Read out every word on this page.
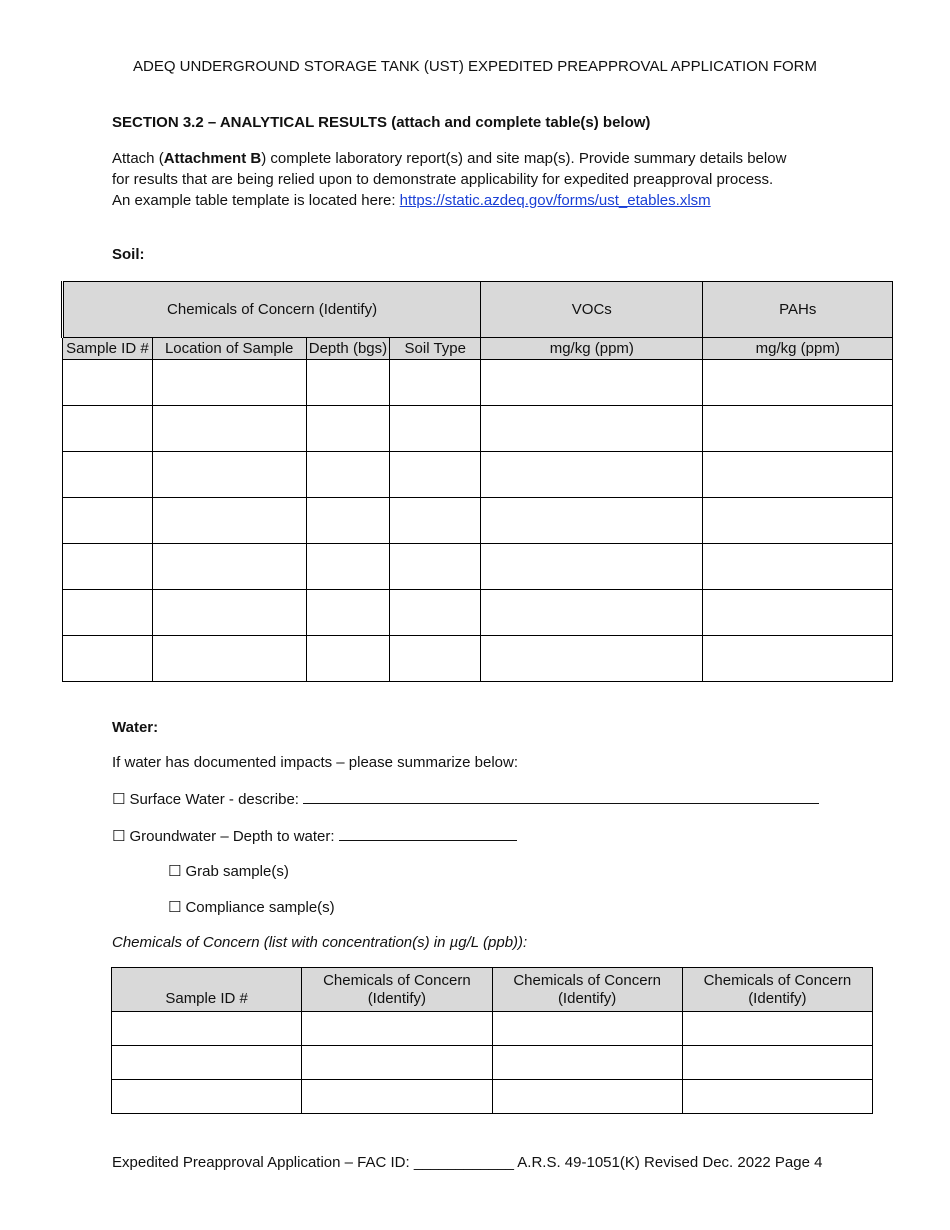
ADEQ UNDERGROUND STORAGE TANK (UST) EXPEDITED PREAPPROVAL APPLICATION FORM
SECTION 3.2 – ANALYTICAL RESULTS (attach and complete table(s) below)
Attach (Attachment B) complete laboratory report(s) and site map(s). Provide summary details below
for results that are being relied upon to demonstrate applicability for expedited preapproval process.
An example table template is located here: https://static.azdeq.gov/forms/ust_etables.xlsm
Soil:
Chemicals of Concern (Identify)				VOCs	PAHs
Sample ID #	Location of Sample	Depth (bgs)	Soil Type	mg/kg (ppm)	mg/kg (ppm)

Water:
If water has documented impacts – please summarize below:
☐ Surface Water - describe:
☐ Groundwater – Depth to water:
☐ Grab sample(s)
☐ Compliance sample(s)
Chemicals of Concern (list with concentration(s) in µg/L (ppb)):
Sample ID #	Chemicals of Concern (Identify)	Chemicals of Concern (Identify)	Chemicals of Concern (Identify)

Expedited Preapproval Application – FAC ID: ____________ A.R.S. 49-1051(K) Revised Dec. 2022 Page 4
